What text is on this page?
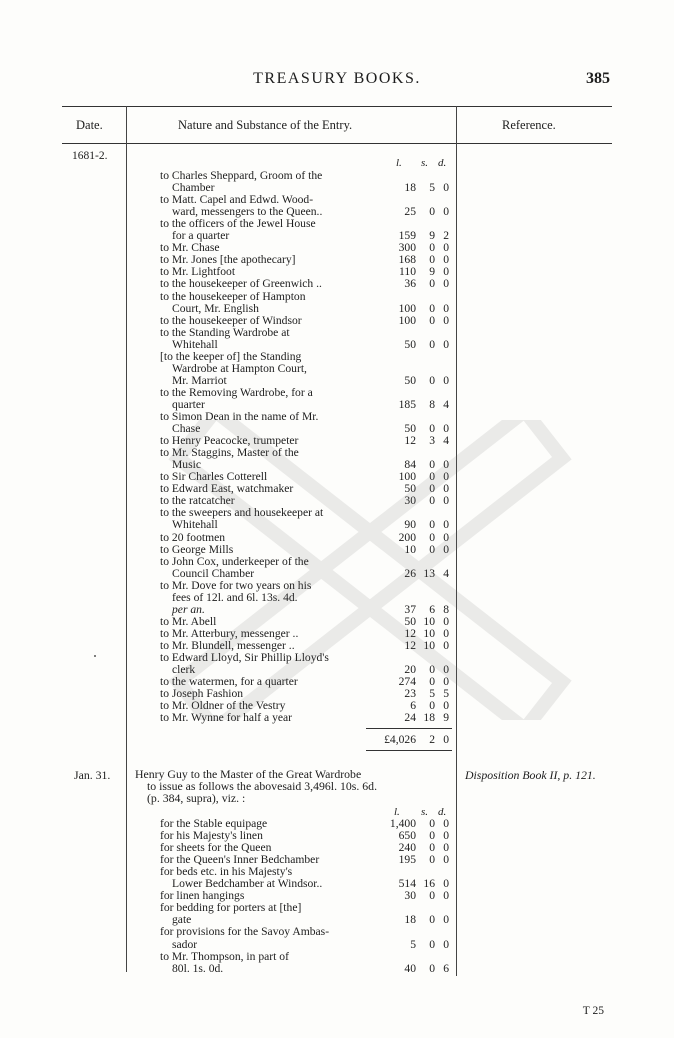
TREASURY BOOKS.	385
Date.	Nature and Substance of the Entry.	Reference.
1681-2.
l. s. d.
to Charles Sheppard, Groom of the
Chamber	18 5 0
to Matt. Capel and Edwd. Wood-
ward, messengers to the Queen..	25 0 0
to the officers of the Jewel House
for a quarter	159 9 2
to Mr. Chase	300 0 0
to Mr. Jones [the apothecary]	168 0 0
to Mr. Lightfoot	110 9 0
to the housekeeper of Greenwich ..	36 0 0
to the housekeeper of Hampton
Court, Mr. English	100 0 0
to the housekeeper of Windsor	100 0 0
to the Standing Wardrobe at
Whitehall	50 0 0
[to the keeper of] the Standing
Wardrobe at Hampton Court,
Mr. Marriot	50 0 0
to the Removing Wardrobe, for a
quarter	185 8 4
to Simon Dean in the name of Mr.
Chase	50 0 0
to Henry Peacocke, trumpeter	12 3 4
to Mr. Staggins, Master of the
Music	84 0 0
to Sir Charles Cotterell	100 0 0
to Edward East, watchmaker	50 0 0
to the ratcatcher	30 0 0
to the sweepers and housekeeper at
Whitehall	90 0 0
to 20 footmen	200 0 0
to George Mills	10 0 0
to John Cox, underkeeper of the
Council Chamber	26 13 4
to Mr. Dove for two years on his
fees of 12l. and 6l. 13s. 4d.
per an.	37 6 8
to Mr. Abell	50 10 0
to Mr. Atterbury, messenger ..	12 10 0
to Mr. Blundell, messenger ..	12 10 0
to Edward Lloyd, Sir Phillip Lloyd's
clerk	20 0 0
to the watermen, for a quarter	274 0 0
to Joseph Fashion	23 5 5
to Mr. Oldner of the Vestry	6 0 0
to Mr. Wynne for half a year	24 18 9
£4,026 2 0
Jan. 31.	Disposition Book II, p. 121.
Henry Guy to the Master of the Great Wardrobe
to issue as follows the abovesaid 3,496l. 10s. 6d.
(p. 384, supra), viz. :
l. s. d.
for the Stable equipage	1,400 0 0
for his Majesty's linen	650 0 0
for sheets for the Queen	240 0 0
for the Queen's Inner Bedchamber	195 0 0
for beds etc. in his Majesty's
Lower Bedchamber at Windsor..	514 16 0
for linen hangings	30 0 0
for bedding for porters at [the]
gate	18 0 0
for provisions for the Savoy Ambas-
sador	5 0 0
to Mr. Thompson, in part of
80l. 1s. 0d.	40 0 6
T 25
